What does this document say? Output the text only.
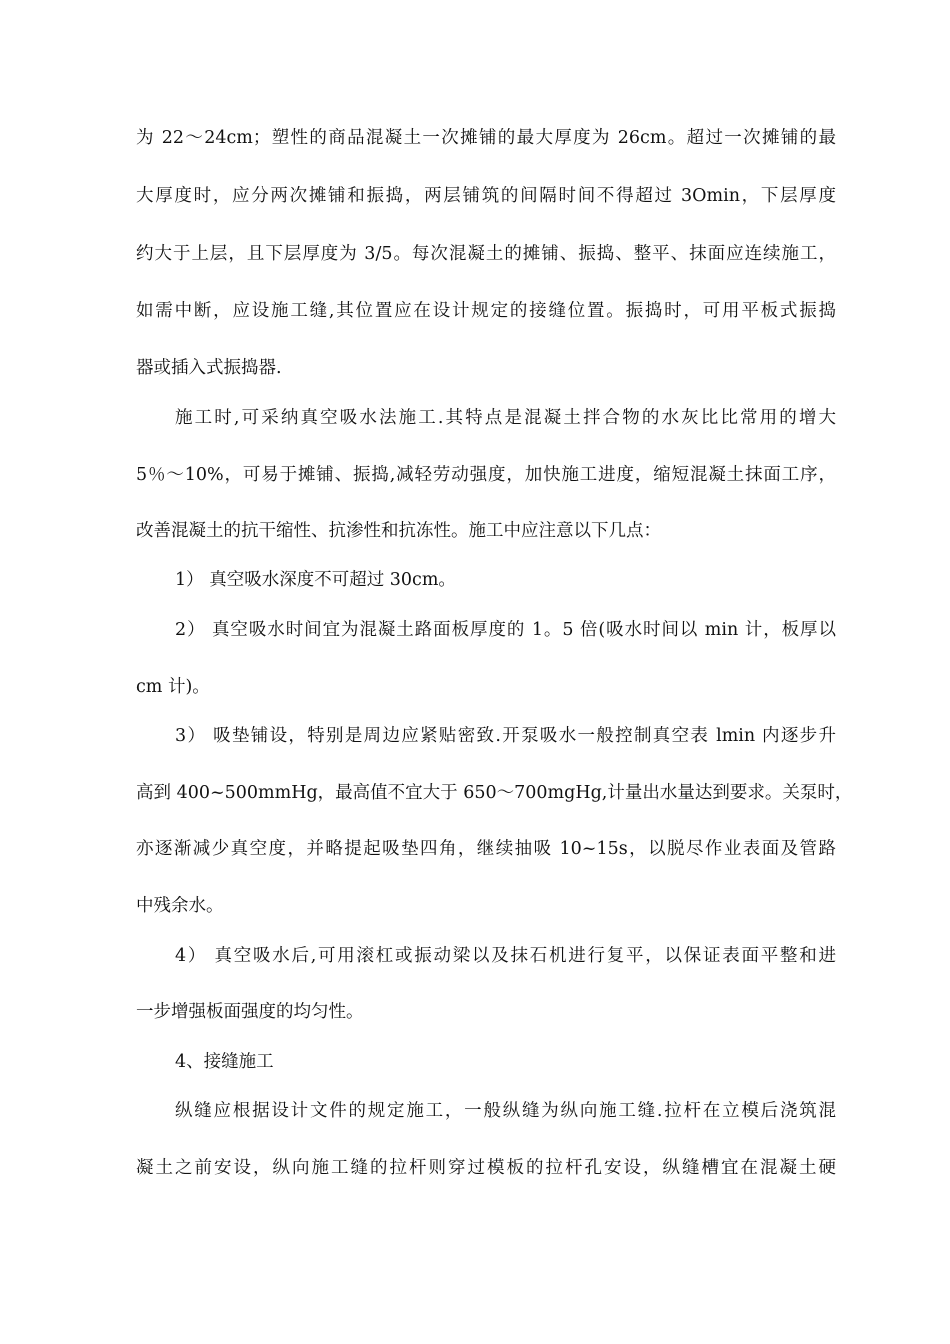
为 22～24cm；塑性的商品混凝土一次摊铺的最大厚度为 26cm。超过一次摊铺的最
大厚度时，应分两次摊铺和振捣，两层铺筑的间隔时间不得超过 3Omin，下层厚度
约大于上层，且下层厚度为 3/5。每次混凝土的摊铺、振捣、整平、抹面应连续施工，
如需中断，应设施工缝,其位置应在设计规定的接缝位置。振捣时，可用平板式振捣
器或插入式振捣器.
施工时,可采纳真空吸水法施工.其特点是混凝土拌合物的水灰比比常用的增大
5％～10%，可易于摊铺、振捣,减轻劳动强度，加快施工进度，缩短混凝土抹面工序，
改善混凝土的抗干缩性、抗渗性和抗冻性。施工中应注意以下几点：
1） 真空吸水深度不可超过 30cm。
2） 真空吸水时间宜为混凝土路面板厚度的 1。5 倍(吸水时间以 min 计，板厚以
cm 计)。
3） 吸垫铺设，特别是周边应紧贴密致.开泵吸水一般控制真空表 lmin 内逐步升
高到 400~500mmHg，最高值不宜大于 650～700mgHg,计量出水量达到要求。关泵时，
亦逐渐减少真空度，并略提起吸垫四角，继续抽吸 10~15s，以脱尽作业表面及管路
中残余水。
4） 真空吸水后,可用滚杠或振动梁以及抹石机进行复平，以保证表面平整和进
一步增强板面强度的均匀性。
4、接缝施工
纵缝应根据设计文件的规定施工，一般纵缝为纵向施工缝.拉杆在立模后浇筑混
凝土之前安设，纵向施工缝的拉杆则穿过模板的拉杆孔安设，纵缝槽宜在混凝土硬
